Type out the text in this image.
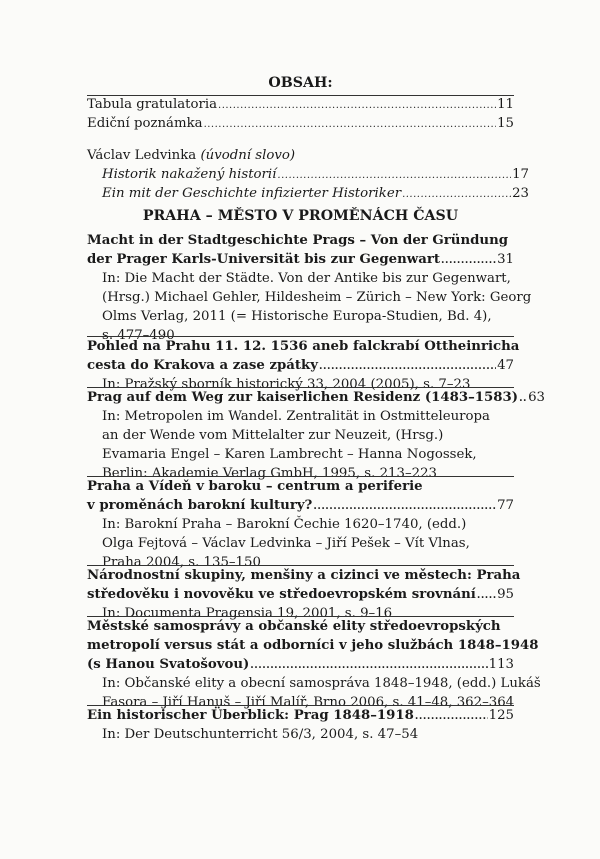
OBSAH:
Tabula gratulatoria .....	11
Ediční poznámka .....	15
Václav Ledvinka (úvodní slovo)
Historik nakažený historií .....	17
Ein mit der Geschichte infizierter Historiker .....	23
PRAHA – MĚSTO V PROMĚNÁCH ČASU
Macht in der Stadtgeschichte Prags – Von der Gründung
der Prager Karls-Universität bis zur Gegenwart .....	31
In: Die Macht der Städte. Von der Antike bis zur Gegenwart,
(Hrsg.) Michael Gehler, Hildesheim – Zürich – New York: Georg
Olms Verlag, 2011 (= Historische Europa-Studien, Bd. 4),
s. 477–490
Pohled na Prahu 11. 12. 1536 aneb falckrabí Ottheinricha
cesta do Krakova a zase zpátky .....	47
In: Pražský sborník historický 33, 2004 (2005), s. 7–23
Prag auf dem Weg zur kaiserlichen Residenz (1483–1583) ..... 63
In: Metropolen im Wandel. Zentralität in Ostmitteleuropa
an der Wende vom Mittelalter zur Neuzeit, (Hrsg.)
Evamaria Engel – Karen Lambrecht – Hanna Nogossek,
Berlin: Akademie Verlag GmbH, 1995, s. 213–223
Praha a Vídeň v baroku – centrum a periferie
v proměnách barokní kultury? .....	77
In: Barokní Praha – Barokní Čechie 1620–1740, (edd.)
Olga Fejtová – Václav Ledvinka – Jiří Pešek – Vít Vlnas,
Praha 2004, s. 135–150
Národnostní skupiny, menšiny a cizinci ve městech: Praha
středověku i novověku ve středoevropském srovnání ..... 95
In: Documenta Pragensia 19, 2001, s. 9–16
Městské samosprávy a občanské elity středoevropských
metropolí versus stát a odborníci v jeho službách 1848–1948
(s Hanou Svatošovou) .....	113
In: Občanské elity a obecní samospráva 1848–1948, (edd.) Lukáš
Fasora – Jiří Hanuš – Jiří Malíř, Brno 2006, s. 41–48, 362–364
Ein historischer Überblick: Prag 1848–1918 .....	125
In: Der Deutschunterricht 56/3, 2004, s. 47–54
